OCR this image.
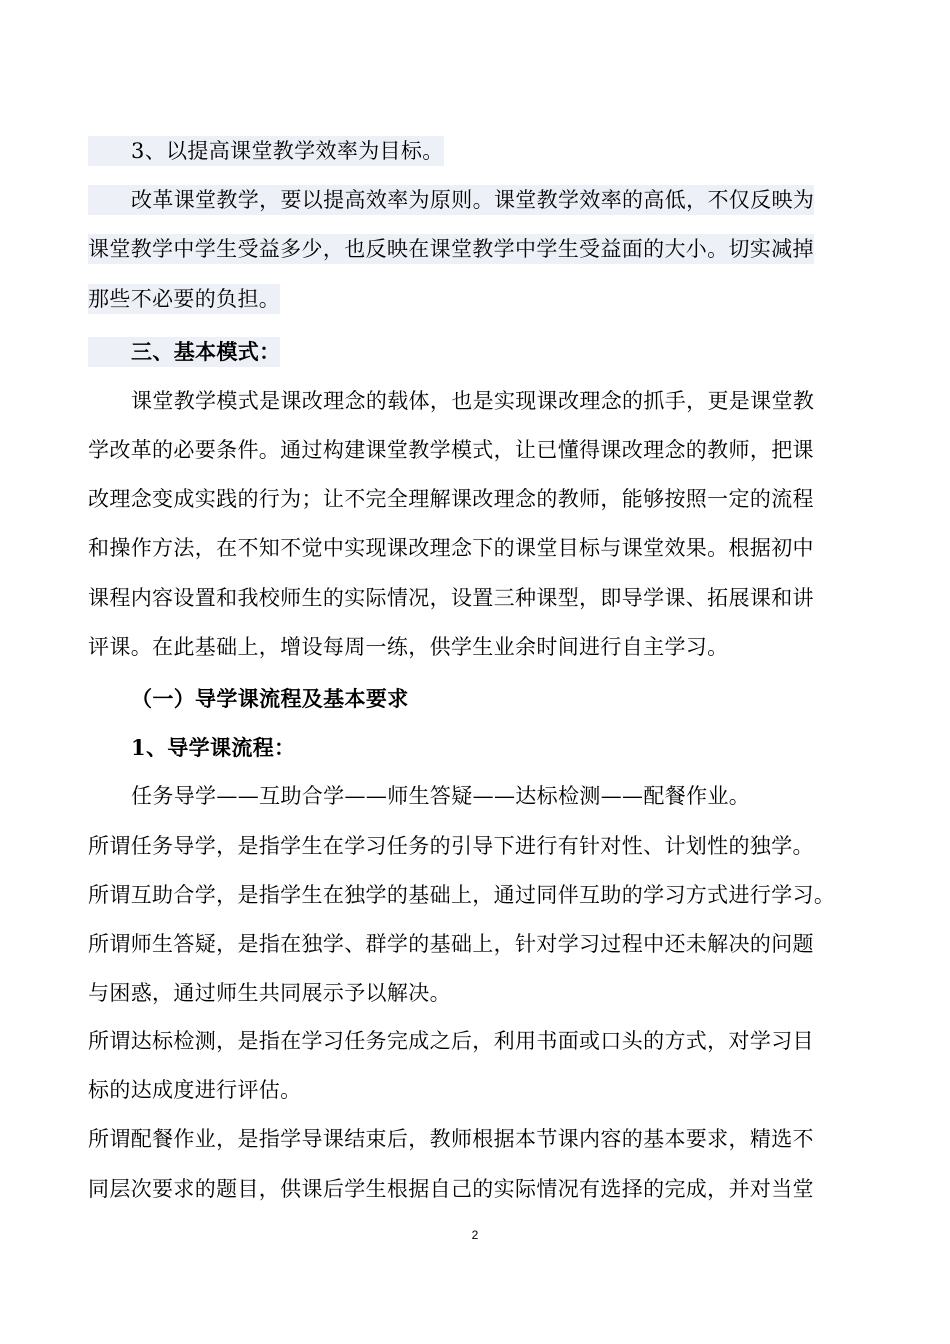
3、以提高课堂教学效率为目标。
改革课堂教学，要以提高效率为原则。课堂教学效率的高低，不仅反映为
课堂教学中学生受益多少，也反映在课堂教学中学生受益面的大小。切实减掉
那些不必要的负担。
三、基本模式：
课堂教学模式是课改理念的载体，也是实现课改理念的抓手，更是课堂教
学改革的必要条件。通过构建课堂教学模式，让已懂得课改理念的教师，把课
改理念变成实践的行为；让不完全理解课改理念的教师，能够按照一定的流程
和操作方法，在不知不觉中实现课改理念下的课堂目标与课堂效果。根据初中
课程内容设置和我校师生的实际情况，设置三种课型，即导学课、拓展课和讲
评课。在此基础上，增设每周一练，供学生业余时间进行自主学习。
（一）导学课流程及基本要求
1、导学课流程：
任务导学——互助合学——师生答疑——达标检测——配餐作业。
所谓任务导学，是指学生在学习任务的引导下进行有针对性、计划性的独学。
所谓互助合学，是指学生在独学的基础上，通过同伴互助的学习方式进行学习。
所谓师生答疑，是指在独学、群学的基础上，针对学习过程中还未解决的问题
与困惑，通过师生共同展示予以解决。
所谓达标检测，是指在学习任务完成之后，利用书面或口头的方式，对学习目
标的达成度进行评估。
所谓配餐作业，是指学导课结束后，教师根据本节课内容的基本要求，精选不
同层次要求的题目，供课后学生根据自己的实际情况有选择的完成，并对当堂
2
